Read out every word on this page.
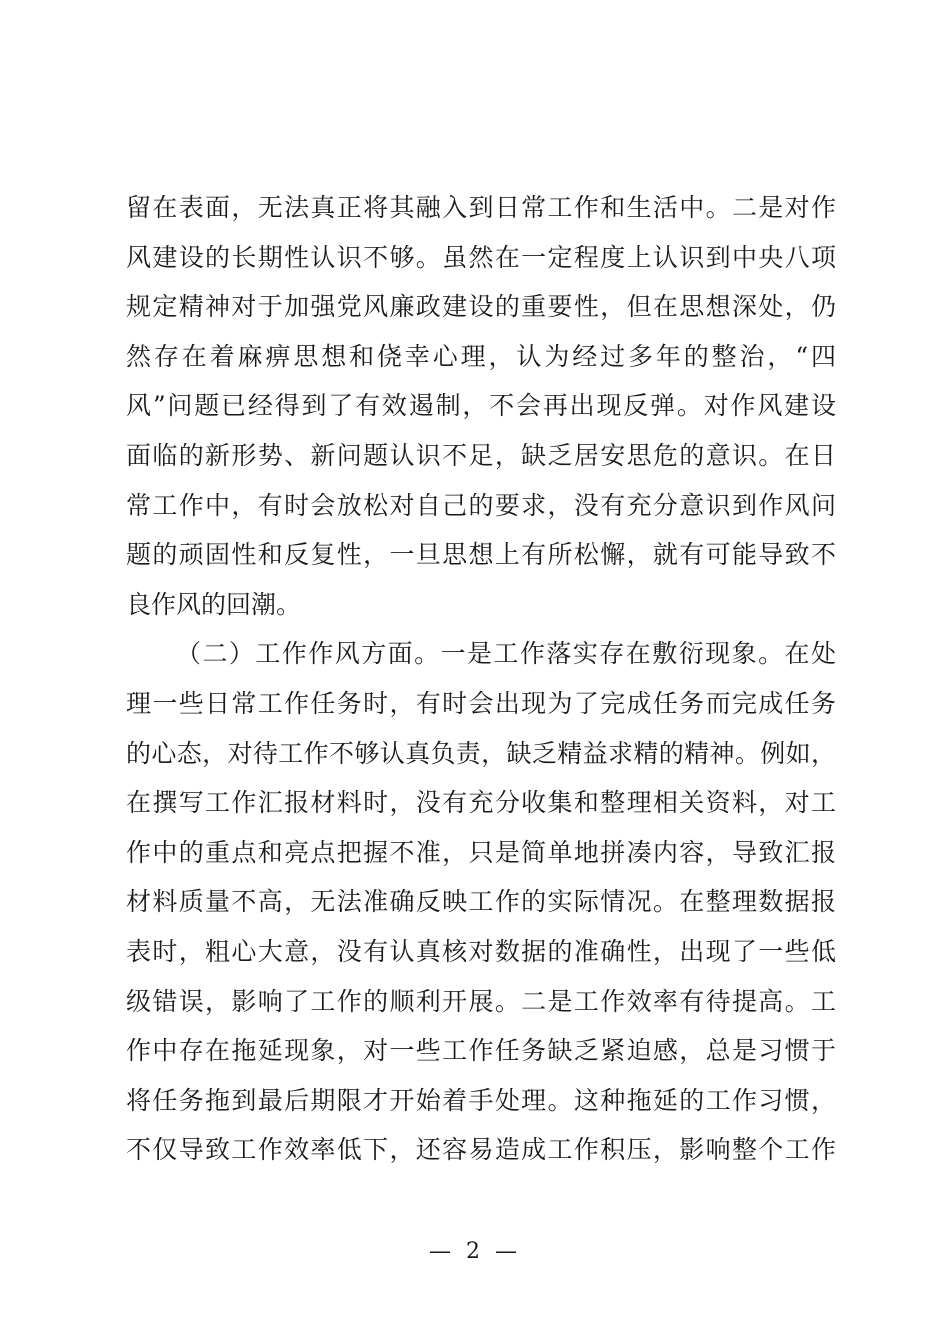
留在表面，无法真正将其融入到日常工作和生活中。二是对作
风建设的长期性认识不够。虽然在一定程度上认识到中央八项
规定精神对于加强党风廉政建设的重要性，但在思想深处，仍
然存在着麻痹思想和侥幸心理，认为经过多年的整治，“四
风”问题已经得到了有效遏制，不会再出现反弹。对作风建设
面临的新形势、新问题认识不足，缺乏居安思危的意识。在日
常工作中，有时会放松对自己的要求，没有充分意识到作风问
题的顽固性和反复性，一旦思想上有所松懈，就有可能导致不
良作风的回潮。
（二）工作作风方面。一是工作落实存在敷衍现象。在处
理一些日常工作任务时，有时会出现为了完成任务而完成任务
的心态，对待工作不够认真负责，缺乏精益求精的精神。例如，
在撰写工作汇报材料时，没有充分收集和整理相关资料，对工
作中的重点和亮点把握不准，只是简单地拼凑内容，导致汇报
材料质量不高，无法准确反映工作的实际情况。在整理数据报
表时，粗心大意，没有认真核对数据的准确性，出现了一些低
级错误，影响了工作的顺利开展。二是工作效率有待提高。工
作中存在拖延现象，对一些工作任务缺乏紧迫感，总是习惯于
将任务拖到最后期限才开始着手处理。这种拖延的工作习惯，
不仅导致工作效率低下，还容易造成工作积压，影响整个工作
— 2 —
